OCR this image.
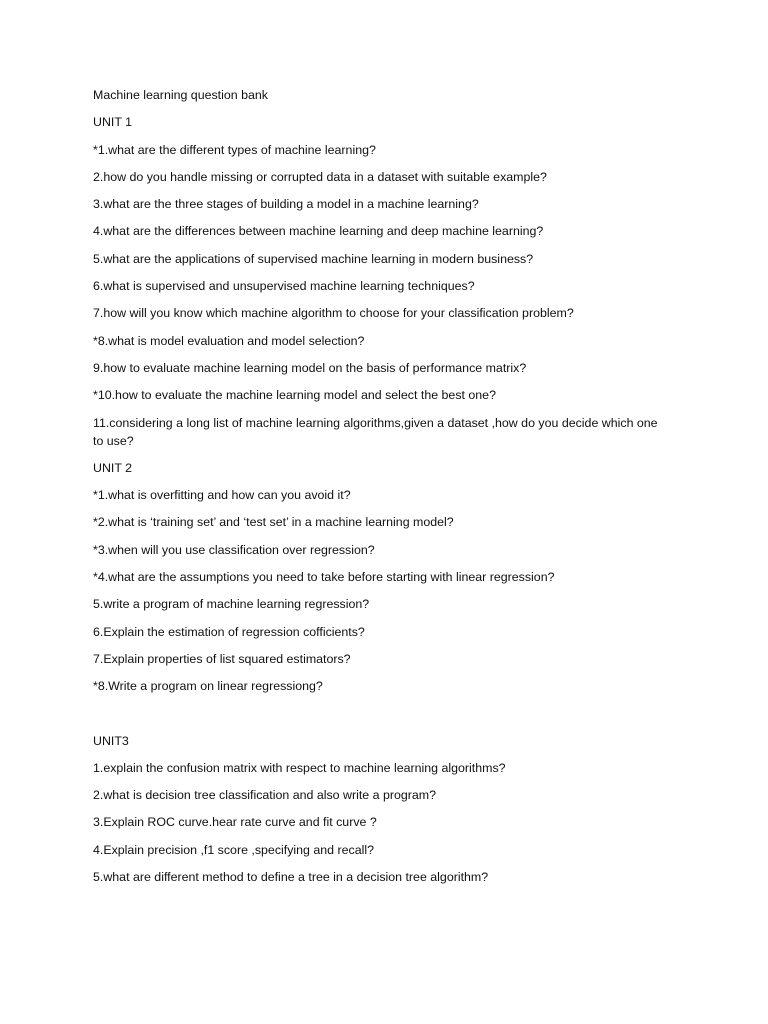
Machine learning question bank

UNIT 1

*1.what are the different types of machine learning?

2.how do you handle missing or corrupted data in a dataset with suitable example?

3.what are the three stages of building a model in a machine learning?

4.what are the differences between machine learning and deep machine learning?

5.what are the applications of supervised machine learning in modern business?

6.what is supervised and unsupervised machine learning techniques?

7.how will you know which machine algorithm to choose for your classification problem?

*8.what is model evaluation and model selection?

9.how to evaluate machine learning model on the basis of performance matrix?

*10.how to evaluate the machine learning model and select the best one?

11.considering a long list of machine learning algorithms,given a dataset ,how do you decide which one to use?

UNIT 2

*1.what is overfitting and how can you avoid it?

*2.what is ‘training set’ and ‘test set’ in a machine learning model?

*3.when will you use classification over regression?

*4.what are the assumptions you need to take before starting with linear regression?

5.write a program of machine learning regression?

6.Explain the estimation of regression cofficients?

7.Explain properties of list squared estimators?

*8.Write a program on linear regressiong?

UNIT3

1.explain the confusion matrix with respect to machine learning algorithms?

2.what is decision tree classification and also write a program?

3.Explain ROC curve.hear rate curve and fit curve ?

4.Explain precision ,f1 score ,specifying and recall?

5.what are different method to define a tree in a decision tree algorithm?
